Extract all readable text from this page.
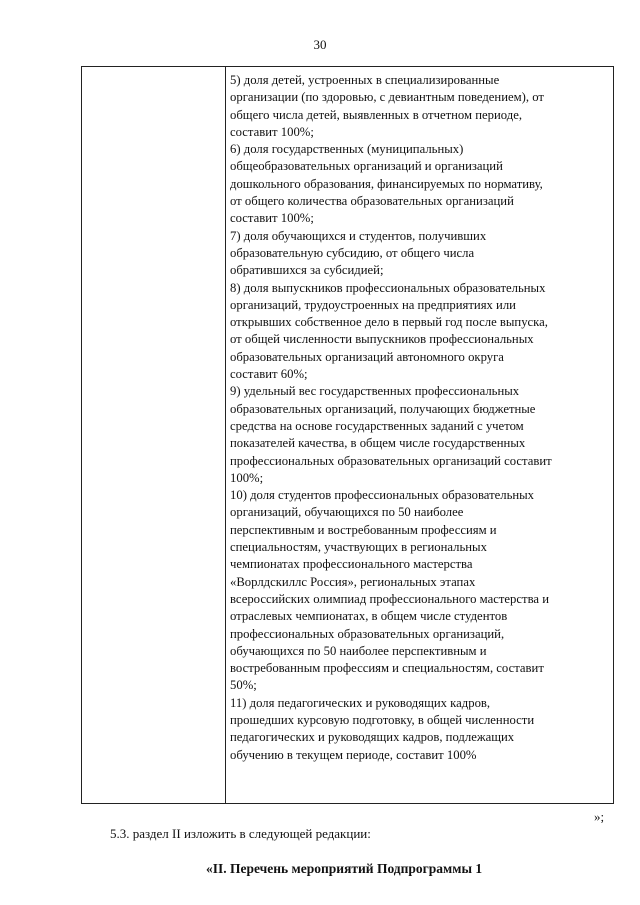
30

5) доля детей, устроенных в специализированные
организации (по здоровью, с девиантным поведением), от
общего числа детей, выявленных в отчетном периоде,
составит 100%;
6) доля государственных (муниципальных)
общеобразовательных организаций и организаций
дошкольного образования, финансируемых по нормативу,
от общего количества образовательных организаций
составит 100%;
7) доля обучающихся и студентов, получивших
образовательную субсидию, от общего числа
обратившихся за субсидией;
8) доля выпускников профессиональных образовательных
организаций, трудоустроенных на предприятиях или
открывших собственное дело в первый год после выпуска,
от общей численности выпускников профессиональных
образовательных организаций автономного округа
составит 60%;
9) удельный вес государственных профессиональных
образовательных организаций, получающих бюджетные
средства на основе государственных заданий с учетом
показателей качества, в общем числе государственных
профессиональных образовательных организаций составит
100%;
10) доля студентов профессиональных образовательных
организаций, обучающихся по 50 наиболее
перспективным и востребованным профессиям и
специальностям, участвующих в региональных
чемпионатах профессионального мастерства
«Ворлдскиллс Россия», региональных этапах
всероссийских олимпиад профессионального мастерства и
отраслевых чемпионатах, в общем числе студентов
профессиональных образовательных организаций,
обучающихся по 50 наиболее перспективным и
востребованным профессиям и специальностям, составит
50%;
11) доля педагогических и руководящих кадров,
прошедших курсовую подготовку, в общей численности
педагогических и руководящих кадров, подлежащих
обучению в текущем периоде, составит 100%

»;
5.3. раздел II изложить в следующей редакции:
«II. Перечень мероприятий Подпрограммы 1
